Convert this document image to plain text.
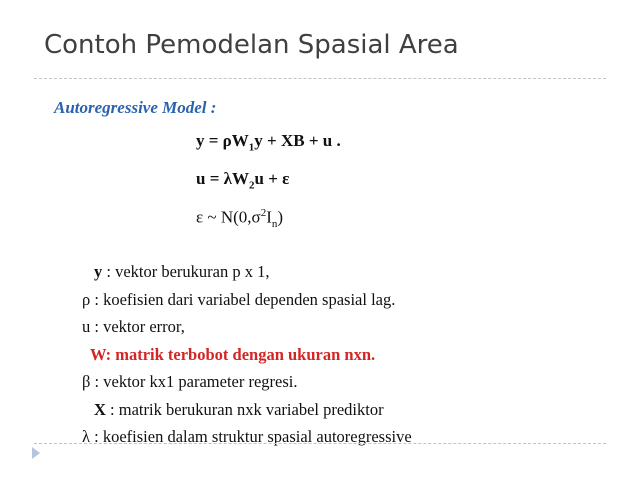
Contoh Pemodelan Spasial Area
Autoregressive Model :
$y = \rho W_1y$ + XB + u .
$u = \lambda W_2u + \varepsilon$
ε ~ $N(0,\sigma^2I_n)$
y : vektor berukuran p x 1,
ρ : koefisien dari variabel dependen spasial lag.
u : vektor error,
W: matrik terbobot dengan ukuran nxn.
β : vektor kx1 parameter regresi.
X : matrik berukuran nxk variabel prediktor
λ : koefisien dalam struktur spasial autoregressive
